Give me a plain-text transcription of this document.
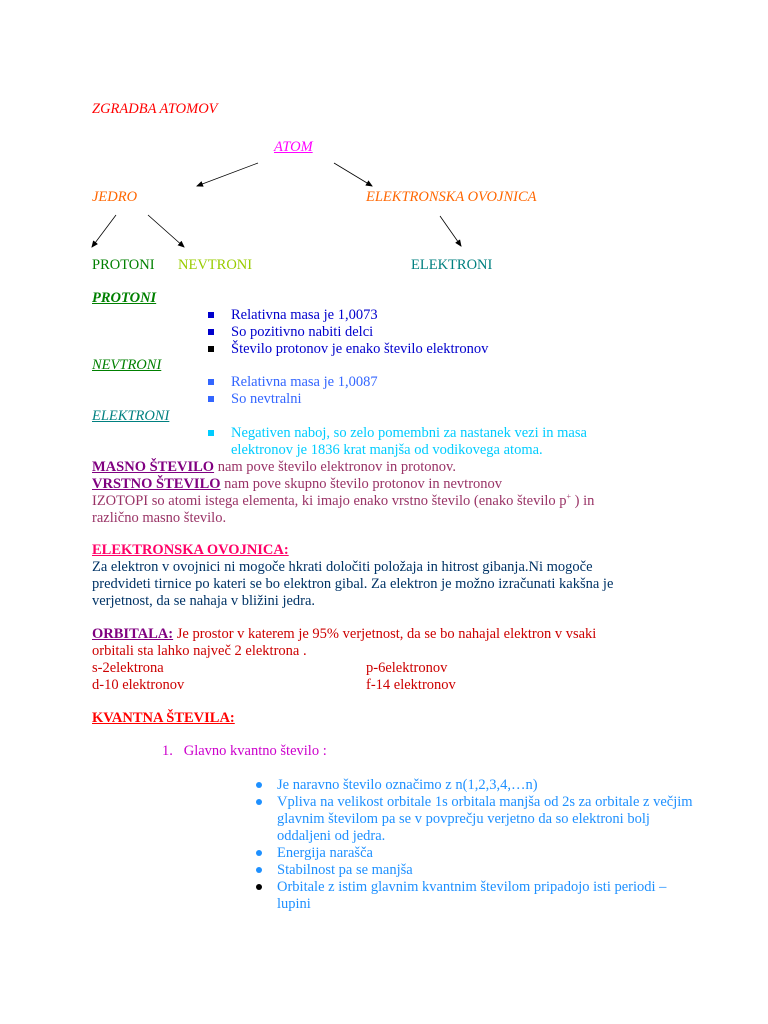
ZGRADBA ATOMOV
ATOM
JEDRO	ELEKTRONSKA OVOJNICA
PROTONI NEVTRONI	ELEKTRONI
PROTONI
Relativna masa je 1,0073
So pozitivno nabiti delci
Število protonov je enako število elektronov
NEVTRONI
Relativna masa je 1,0087
So nevtralni
ELEKTRONI
Negativen naboj, so zelo pomembni za nastanek vezi in masa
elektronov je 1836 krat manjša od vodikovega atoma.
MASNO ŠTEVILO nam pove število elektronov in protonov.
VRSTNO ŠTEVILO nam pove skupno število protonov in nevtronov
IZOTOPI so atomi istega elementa, ki imajo enako vrstno število (enako število p+ ) in
različno masno število.
ELEKTRONSKA OVOJNICA:
Za elektron v ovojnici ni mogoče hkrati določiti položaja in hitrost gibanja.Ni mogoče
predvideti tirnice po kateri se bo elektron gibal. Za elektron je možno izračunati kakšna je
verjetnost, da se nahaja v bližini jedra.
ORBITALA: Je prostor v katerem je 95% verjetnost, da se bo nahajal elektron v vsaki
orbitali sta lahko največ 2 elektrona .
s-2elektrona	p-6elektronov
d-10 elektronov	f-14 elektronov
KVANTNA ŠTEVILA:
1.   Glavno kvantno število :
Je naravno število označimo z n(1,2,3,4,…n)
Vpliva na velikost orbitale 1s orbitala manjša od 2s za orbitale z večjim glavnim številom pa se v povprečju verjetno da so elektroni bolj oddaljeni od jedra.
Energija narašča
Stabilnost pa se manjša
Orbitale z istim glavnim kvantnim številom pripadojo isti periodi – lupini
